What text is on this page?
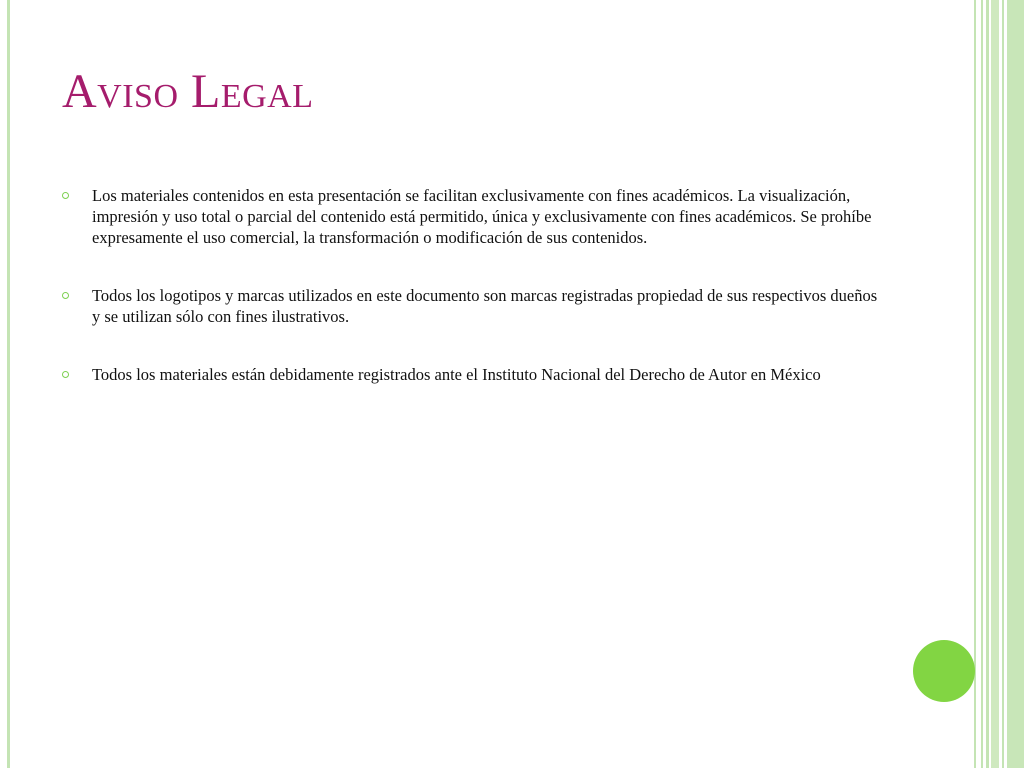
Aviso Legal
Los materiales contenidos en esta presentación se facilitan exclusivamente con fines académicos. La visualización, impresión y uso total o parcial del contenido está permitido, única y exclusivamente con fines académicos. Se prohíbe expresamente el uso comercial, la transformación o modificación de sus contenidos.
Todos los logotipos y marcas utilizados en este documento son marcas registradas propiedad de sus respectivos dueños y se utilizan sólo con fines ilustrativos.
Todos los materiales están debidamente registrados ante el Instituto Nacional del Derecho de Autor en México
